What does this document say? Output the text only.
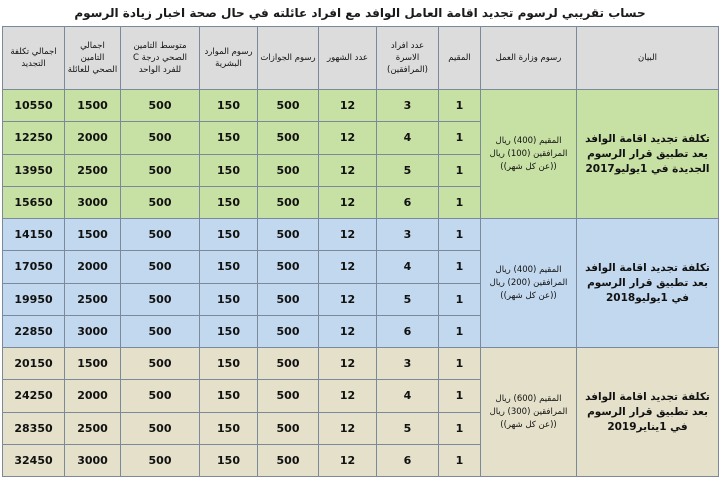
حساب تقريبي لرسوم تجديد اقامة العامل الوافد مع افراد عائلته في حال صحة اخبار زيادة الرسوم
البيان	رسوم وزارة العمل	المقيم	عدد افراد الاسرة (المرافقين)	عدد الشهور	رسوم الجوازات	رسوم الموارد البشرية	متوسط التامين الصحي درجة C للفرد الواحد	اجمالي التامين الصحي للعائلة	اجمالي تكلفة التجديد
تكلفة تجديد اقامة الوافد بعد تطبيق قرار الرسوم الجديدة في 1يوليو2017	المقيم (400) ريال المرافقين (100) ريال ((عن كل شهر))	1	3	12	500	150	500	1500	10550
		1	4	12	500	150	500	2000	12250
		1	5	12	500	150	500	2500	13950
		1	6	12	500	150	500	3000	15650
تكلفة تجديد اقامة الوافد بعد تطبيق قرار الرسوم في 1يوليو2018	المقيم (400) ريال المرافقين (200) ريال ((عن كل شهر))	1	3	12	500	150	500	1500	14150
		1	4	12	500	150	500	2000	17050
		1	5	12	500	150	500	2500	19950
		1	6	12	500	150	500	3000	22850
تكلفة تجديد اقامة الوافد بعد تطبيق قرار الرسوم في 1يناير2019	المقيم (600) ريال المرافقين (300) ريال ((عن كل شهر))	1	3	12	500	150	500	1500	20150
		1	4	12	500	150	500	2000	24250
		1	5	12	500	150	500	2500	28350
		1	6	12	500	150	500	3000	32450
